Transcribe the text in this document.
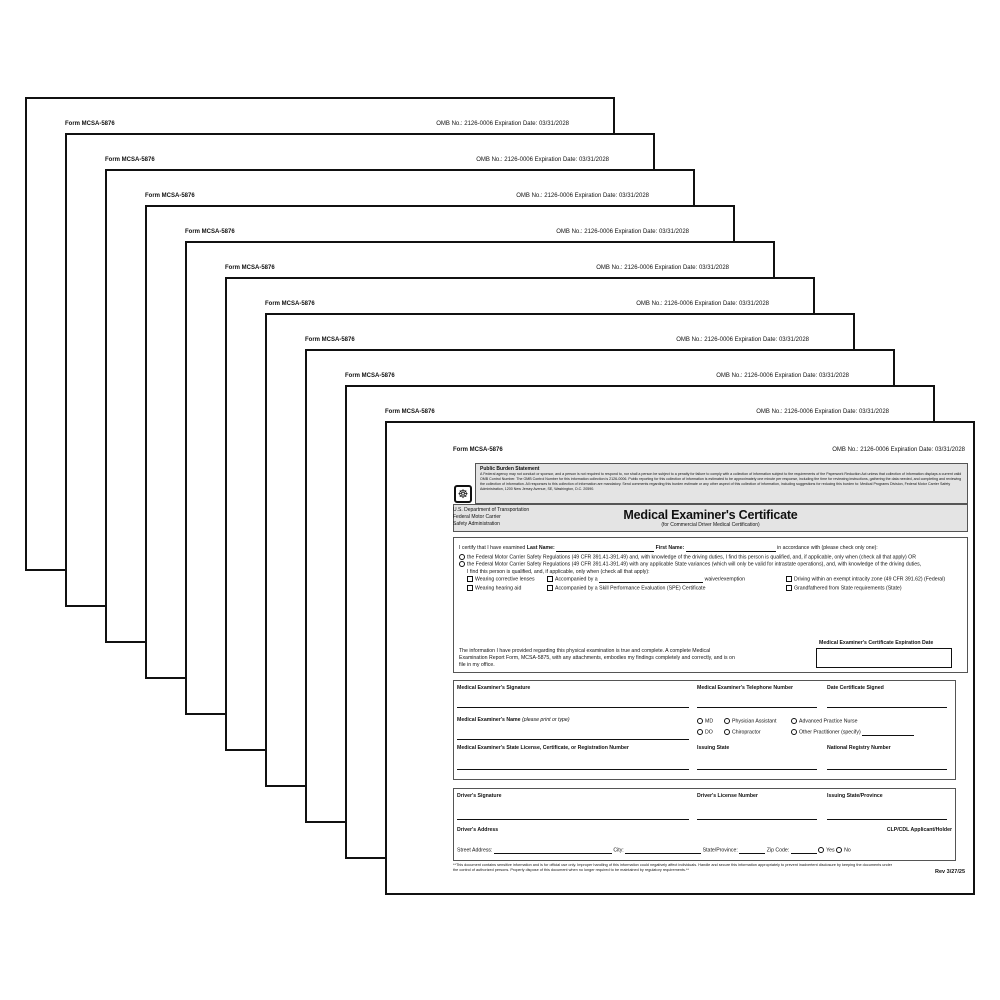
Form MCSA-5876	OMB No.: 2126-0006 Expiration Date: 03/31/2028
Form MCSA-5876	OMB No.: 2126-0006 Expiration Date: 03/31/2028
Form MCSA-5876	OMB No.: 2126-0006 Expiration Date: 03/31/2028
Form MCSA-5876	OMB No.: 2126-0006 Expiration Date: 03/31/2028
Form MCSA-5876	OMB No.: 2126-0006 Expiration Date: 03/31/2028
Form MCSA-5876	OMB No.: 2126-0006 Expiration Date: 03/31/2028
Form MCSA-5876	OMB No.: 2126-0006 Expiration Date: 03/31/2028
Form MCSA-5876	OMB No.: 2126-0006 Expiration Date: 03/31/2028
Form MCSA-5876	OMB No.: 2126-0006 Expiration Date: 03/31/2028
Form MCSA-5876	OMB No.: 2126-0006 Expiration Date: 03/31/2028
Public Burden Statement
A Federal agency may not conduct or sponsor, and a person is not required to respond to, nor shall a person be subject to a penalty for failure to comply with a collection of information subject to the requirements of the Paperwork Reduction Act unless that collection of information displays a current valid OMB Control Number. The OMB Control Number for this information collection is 2126-0006. Public reporting for this collection of information is estimated to be approximately one minute per response, including the time for reviewing instructions, gathering the data needed, and completing and reviewing the collection of information. All responses to this collection of information are mandatory. Send comments regarding this burden estimate or any other aspect of this collection of information, including suggestions for reducing this burden to: Medical Programs Division, Federal Motor Carrier Safety Administration, 1200 New Jersey Avenue, SE, Washington, D.C. 20590.
Medical Examiner's Certificate
(for Commercial Driver Medical Certification)
☸
U.S. Department of Transportation
Federal Motor Carrier
Safety Administration
I certify that I have examined Last Name:	First Name:	in accordance with (please check only one):
the Federal Motor Carrier Safety Regulations (49 CFR 391.41-391.49) and, with knowledge of the driving duties, I find this person is qualified, and, if applicable, only when (check all that apply) OR
the Federal Motor Carrier Safety Regulations (49 CFR 391.41-391.49) with any applicable State variances (which will only be valid for intrastate operations), and, with knowledge of the driving duties,
I find this person is qualified, and, if applicable, only when (check all that apply):
Wearing corrective lenses	Accompanied by a	waiver/exemption	Driving within an exempt intracity zone (49 CFR 391.62) (Federal)
Wearing hearing aid	Accompanied by a Skill Performance Evaluation (SPE) Certificate	Grandfathered from State requirements (State)
The information I have provided regarding this physical examination is true and complete. A complete Medical Examination Report Form, MCSA-5875, with any attachments, embodies my findings completely and correctly, and is on file in my office.
Medical Examiner's Certificate Expiration Date
Medical Examiner's Signature	Medical Examiner's Telephone Number	Date Certificate Signed
Medical Examiner's Name (please print or type)	MD	Physician Assistant	Advanced Practice Nurse
DO	Chiropractor	Other Practitioner (specify)
Medical Examiner's State License, Certificate, or Registration Number	Issuing State	National Registry Number
Driver's Signature	Driver's License Number	Issuing State/Province
Driver's Address	CLP/CDL Applicant/Holder
Street Address:	City:	State/Province:	Zip Code:	Yes No
**This document contains sensitive information and is for official use only. Improper handling of this information could negatively affect individuals. Handle and secure this information appropriately to prevent inadvertent disclosure by keeping the documents under the control of authorized persons. Properly dispose of this document when no longer required to be maintained by regulatory requirements.**	Rev 3/27/25
